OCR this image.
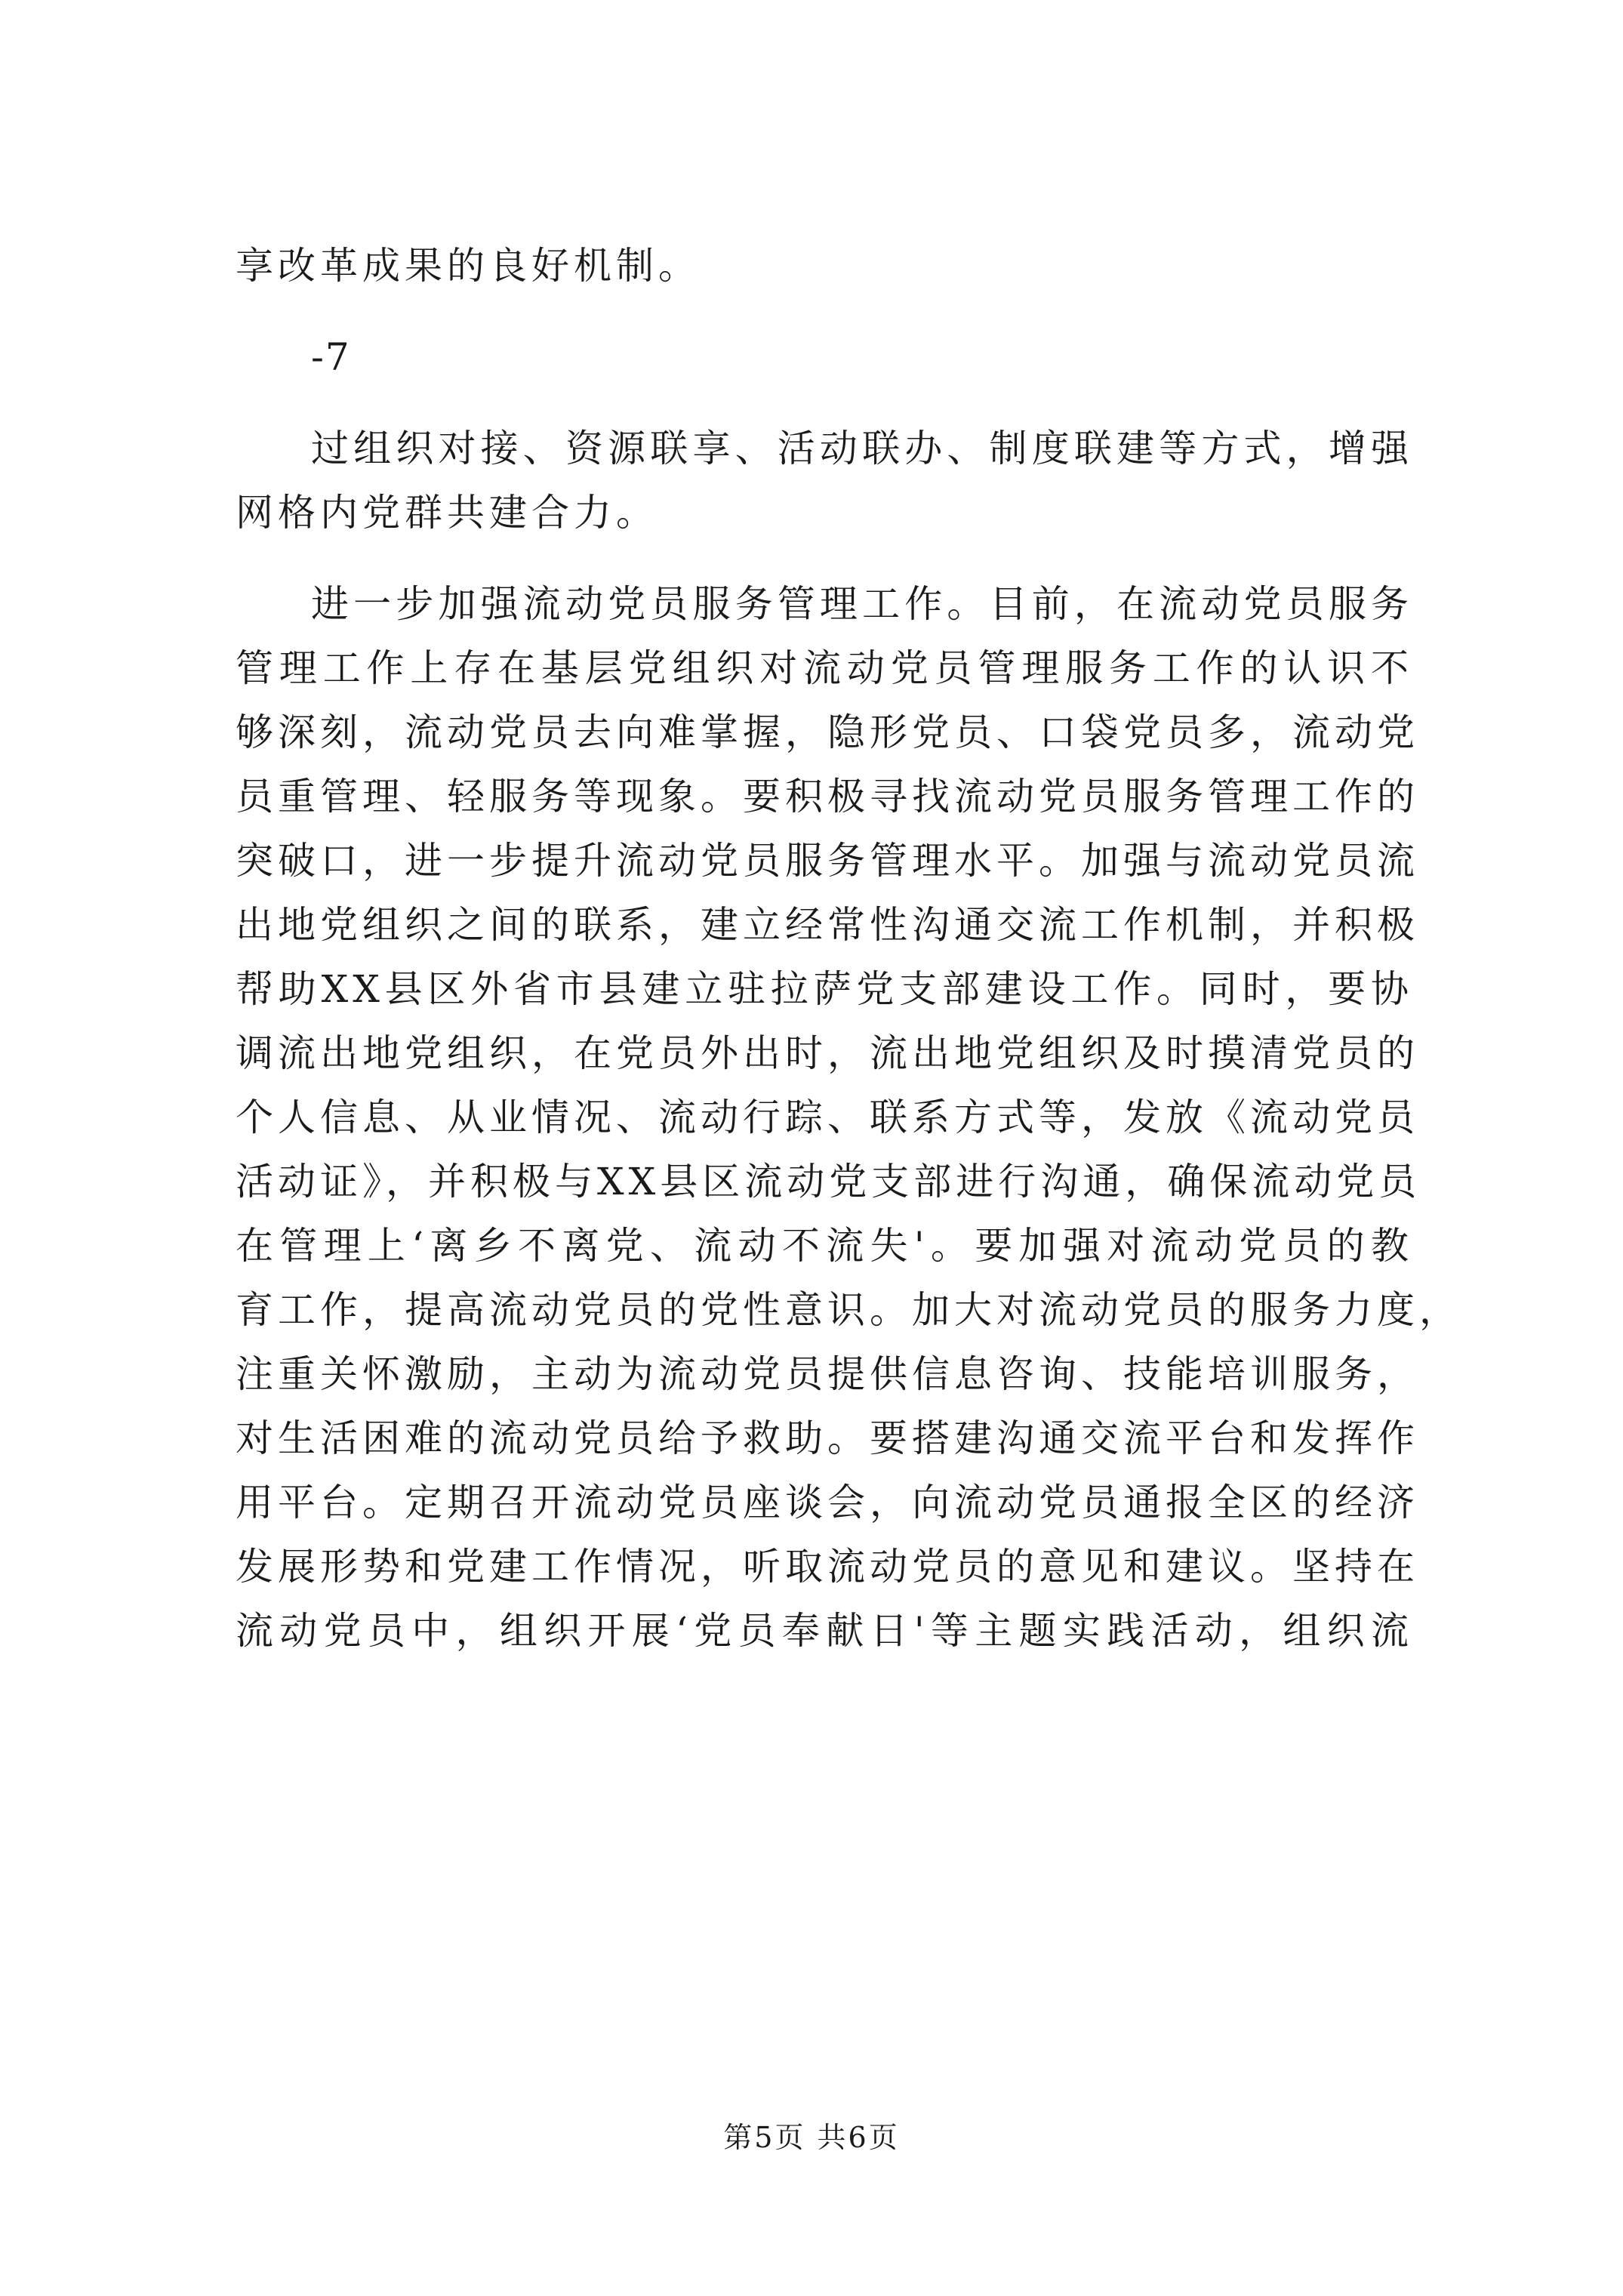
享改革成果的良好机制。
-7
过组织对接、资源联享、活动联办、制度联建等方式，增强
网格内党群共建合力。
进一步加强流动党员服务管理工作。目前，在流动党员服务
管理工作上存在基层党组织对流动党员管理服务工作的认识不
够深刻，流动党员去向难掌握，隐形党员、口袋党员多，流动党
员重管理、轻服务等现象。要积极寻找流动党员服务管理工作的
突破口，进一步提升流动党员服务管理水平。加强与流动党员流
出地党组织之间的联系，建立经常性沟通交流工作机制，并积极
帮助XX县区外省市县建立驻拉萨党支部建设工作。同时，要协
调流出地党组织，在党员外出时，流出地党组织及时摸清党员的
个人信息、从业情况、流动行踪、联系方式等，发放《流动党员
活动证》，并积极与XX县区流动党支部进行沟通，确保流动党员
在管理上‘离乡不离党、流动不流失'。要加强对流动党员的教
育工作，提高流动党员的党性意识。加大对流动党员的服务力度，
注重关怀激励，主动为流动党员提供信息咨询、技能培训服务，
对生活困难的流动党员给予救助。要搭建沟通交流平台和发挥作
用平台。定期召开流动党员座谈会，向流动党员通报全区的经济
发展形势和党建工作情况，听取流动党员的意见和建议。坚持在
流动党员中，组织开展‘党员奉献日'等主题实践活动，组织流
第5页 共6页
